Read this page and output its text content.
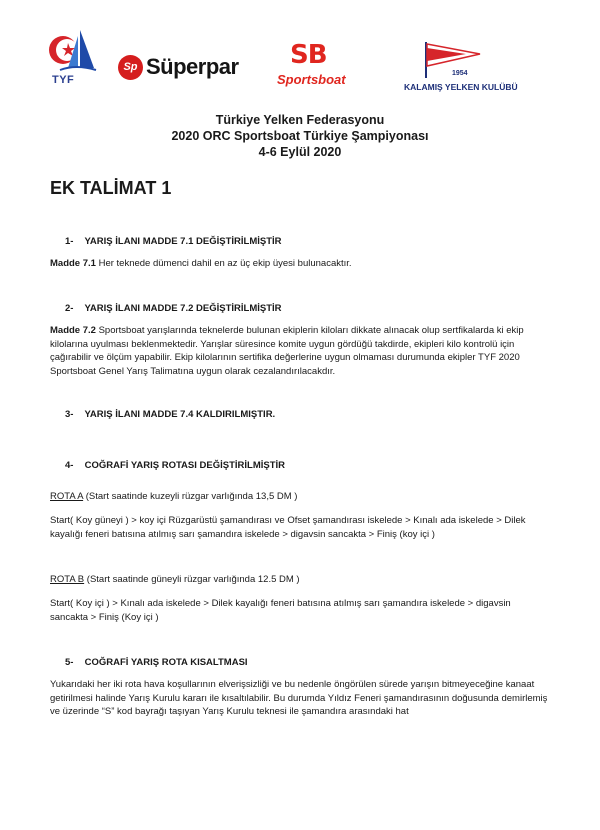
TYF
Sp Süperpar SB
Sportsboat	1954
KALAMIŞ YELKEN KULÜBÜ
Türkiye Yelken Federasyonu
2020 ORC Sportsboat Türkiye Şampiyonası
4-6 Eylül 2020
EK TALİMAT 1
1- YARIŞ İLANI MADDE 7.1 DEĞİŞTİRİLMİŞTİR
Madde 7.1 Her teknede dümenci dahil en az üç ekip üyesi bulunacaktır.
2- YARIŞ İLANI MADDE 7.2 DEĞİŞTİRİLMİŞTİR
Madde 7.2 Sportsboat yarışlarında teknelerde bulunan ekiplerin kiloları dikkate alınacak olup sertfikalarda ki ekip kilolarına uyulması beklenmektedir. Yarışlar süresince komite uygun gördüğü takdirde, ekipleri kilo kontrolü için çağırabilir ve ölçüm yapabilir. Ekip kilolarının sertifika değerlerine uygun olmaması durumunda ekipler TYF 2020 Sportsboat Genel Yarış Talimatına uygun olarak cezalandırılacakdır.
3- YARIŞ İLANI MADDE 7.4 KALDIRILMIŞTIR.
4- COĞRAFİ YARIŞ ROTASI DEĞİŞTİRİLMİŞTİR
ROTA A (Start saatinde kuzeyli rüzgar varlığında 13,5 DM )
Start( Koy güneyi ) > koy içi Rüzgarüstü şamandırası ve Ofset şamandırası iskelede > Kınalı ada iskelede > Dilek kayalığı feneri batısına atılmış sarı şamandıra iskelede > digavsin sancakta > Finiş (koy içi )
ROTA B (Start saatinde güneyli rüzgar varlığında 12.5 DM )
Start( Koy içi ) > Kınalı ada iskelede > Dilek kayalığı feneri batısına atılmış sarı şamandıra iskelede > digavsin sancakta > Finiş (Koy içi )
5- COĞRAFİ YARIŞ ROTA KISALTMASI
Yukarıdaki her iki rota hava koşullarının elverişsizliği ve bu nedenle öngörülen sürede yarışın bitmeyeceğine kanaat getirilmesi halinde Yarış Kurulu kararı ile kısaltılabilir. Bu durumda Yıldız Feneri şamandırasının doğusunda demirlemiş ve üzerinde “S” kod bayrağı taşıyan Yarış Kurulu teknesi ile şamandıra arasındaki hat
